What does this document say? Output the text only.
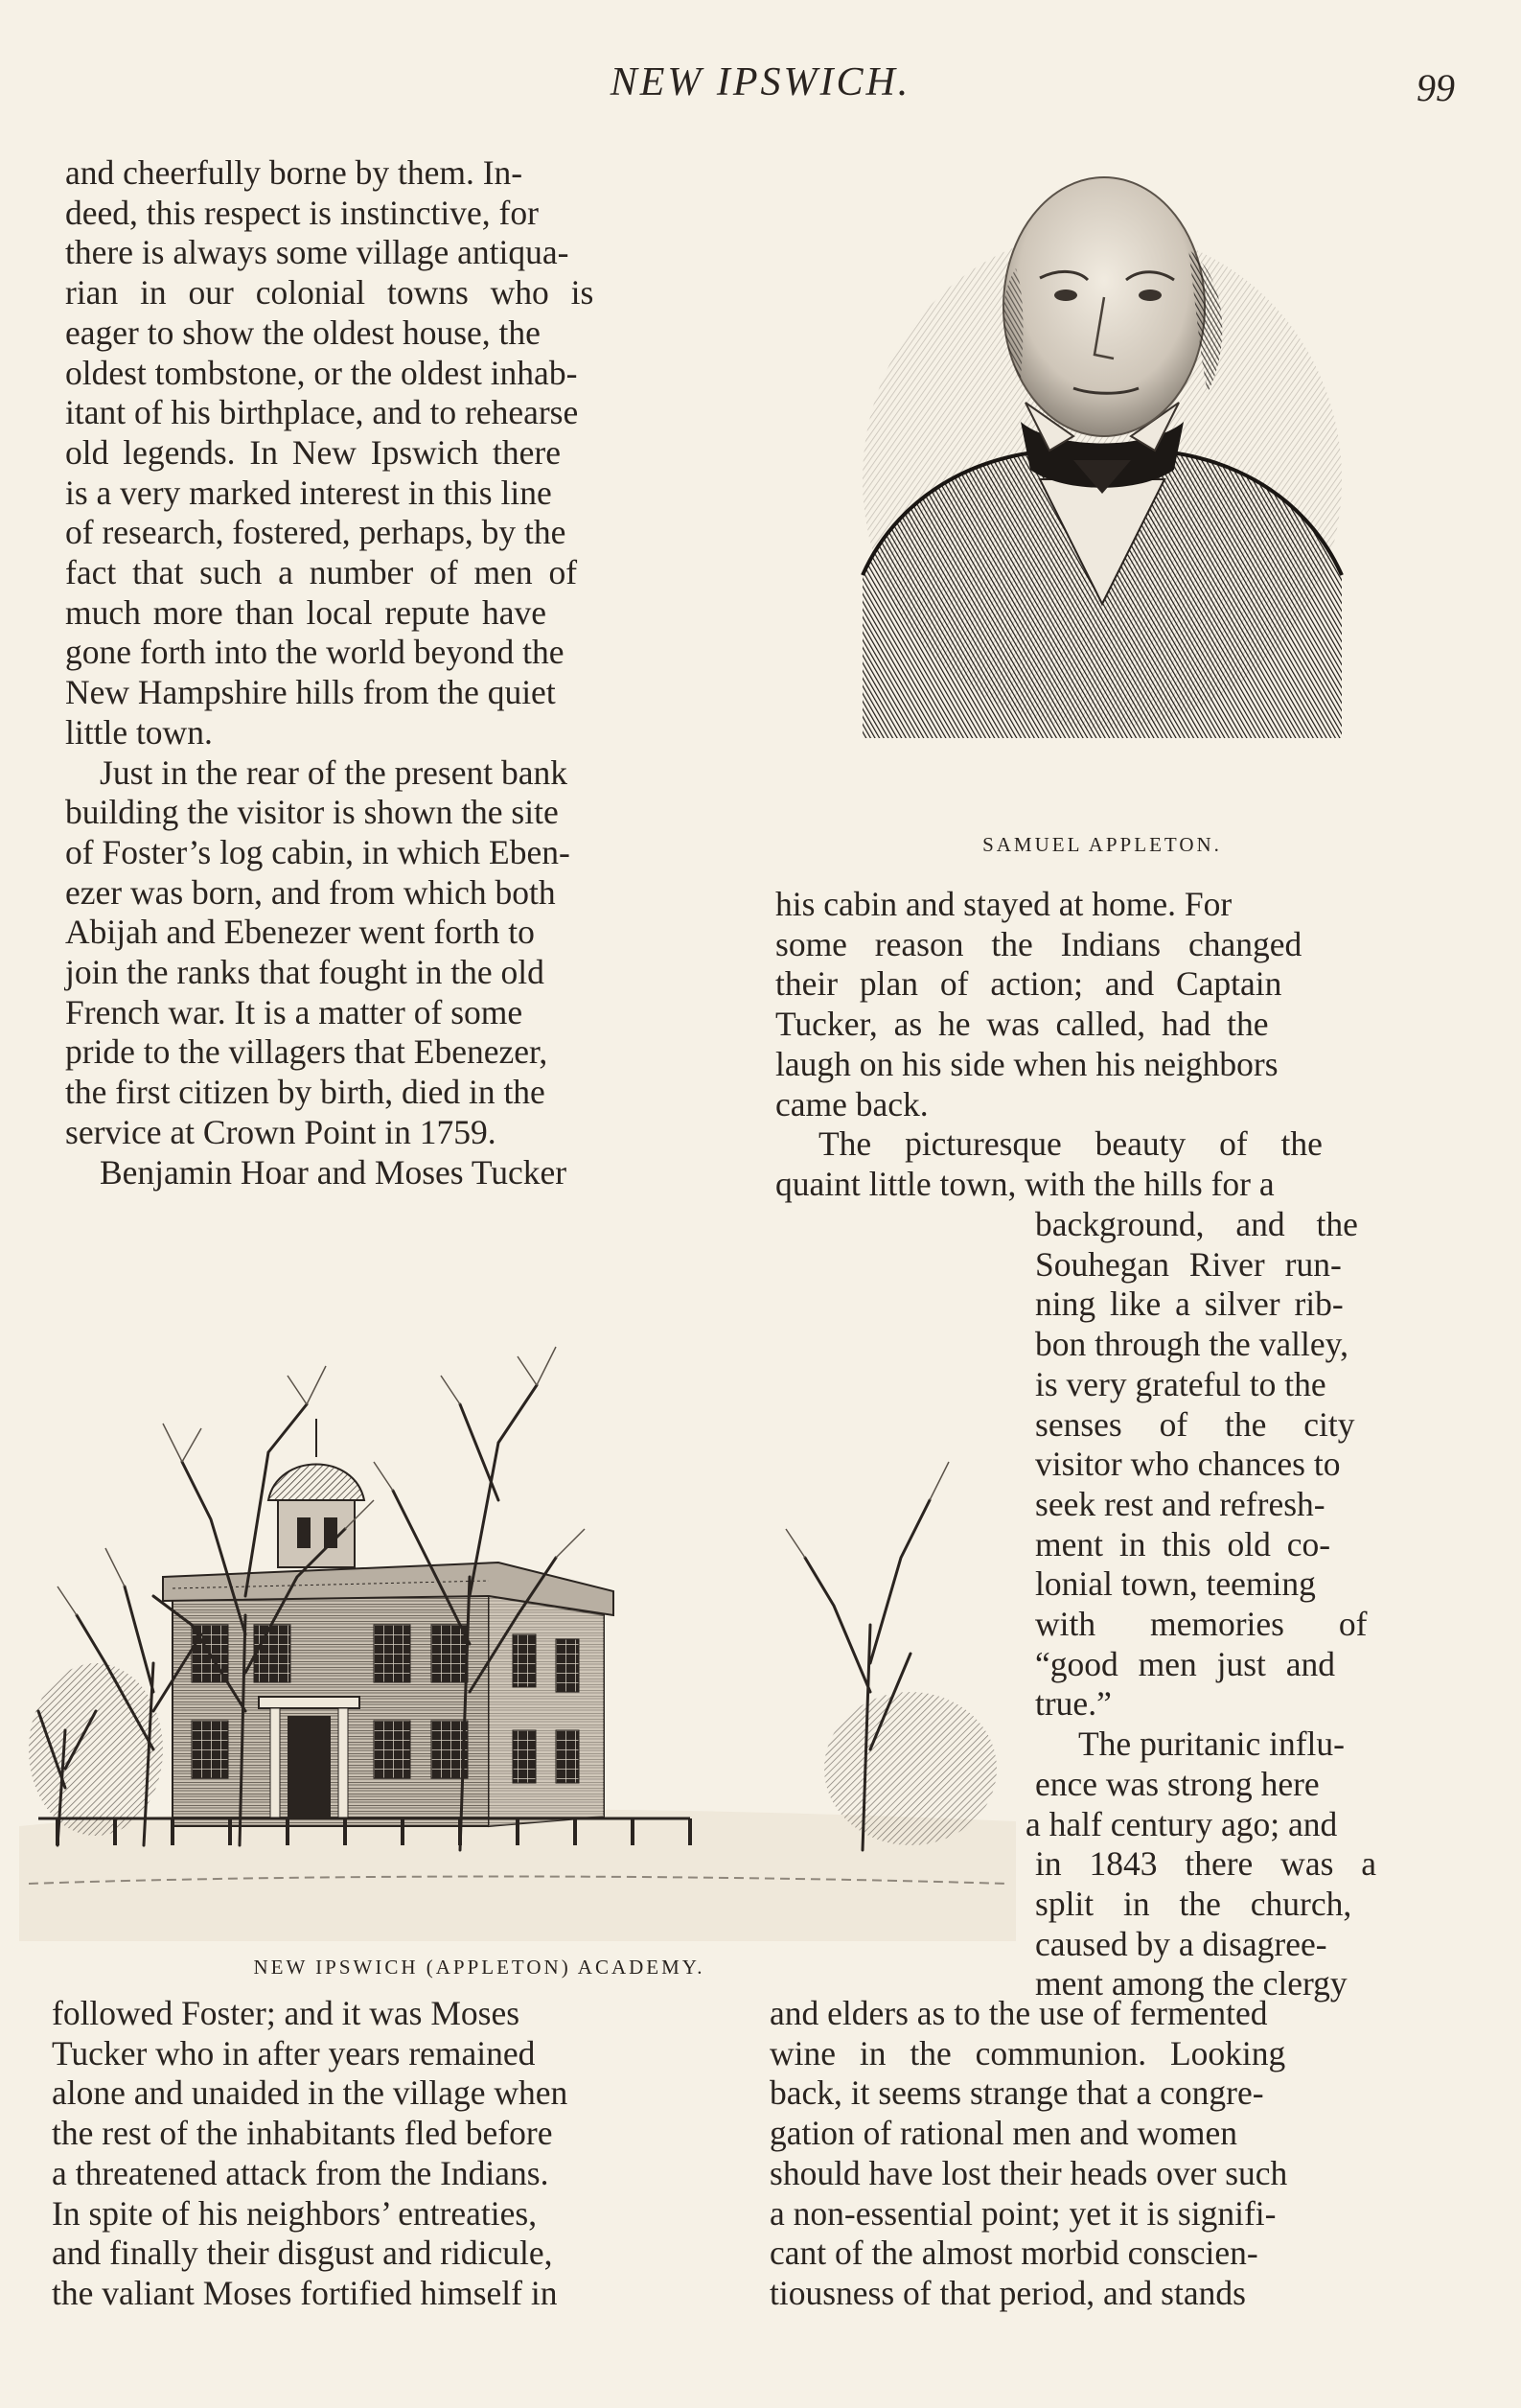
NEW IPSWICH.	99
and cheerfully borne by them. In-
deed, this respect is instinctive, for
there is always some village antiqua-
rian in our colonial towns who is
eager to show the oldest house, the
oldest tombstone, or the oldest inhab-
itant of his birthplace, and to rehearse
old legends. In New Ipswich there
is a very marked interest in this line
of research, fostered, perhaps, by the
fact that such a number of men of
much more than local repute have
gone forth into the world beyond the
New Hampshire hills from the quiet
little town.
Just in the rear of the present bank
building the visitor is shown the site
of Foster’s log cabin, in which Eben-
ezer was born, and from which both
Abijah and Ebenezer went forth to
join the ranks that fought in the old
French war. It is a matter of some
pride to the villagers that Ebenezer,
the first citizen by birth, died in the
service at Crown Point in 1759.
Benjamin Hoar and Moses Tucker
SAMUEL APPLETON.
his cabin and stayed at home. For
some reason the Indians changed
their plan of action; and Captain
Tucker, as he was called, had the
laugh on his side when his neighbors
came back.
The picturesque beauty of the
quaint little town, with the hills for a
background, and the
Souhegan River run-
ning like a silver rib-
bon through the valley,
is very grateful to the
senses of the city
visitor who chances to
seek rest and refresh-
ment in this old co-
lonial town, teeming
with memories of
“good men just and
true.”
The puritanic influ-
ence was strong here
a half century ago; and
in 1843 there was a
split in the church,
caused by a disagree-
ment among the clergy
NEW IPSWICH (APPLETON) ACADEMY.
followed Foster; and it was Moses
Tucker who in after years remained
alone and unaided in the village when
the rest of the inhabitants fled before
a threatened attack from the Indians.
In spite of his neighbors’ entreaties,
and finally their disgust and ridicule,
the valiant Moses fortified himself in
and elders as to the use of fermented
wine in the communion. Looking
back, it seems strange that a congre-
gation of rational men and women
should have lost their heads over such
a non-essential point; yet it is signifi-
cant of the almost morbid conscien-
tiousness of that period, and stands
